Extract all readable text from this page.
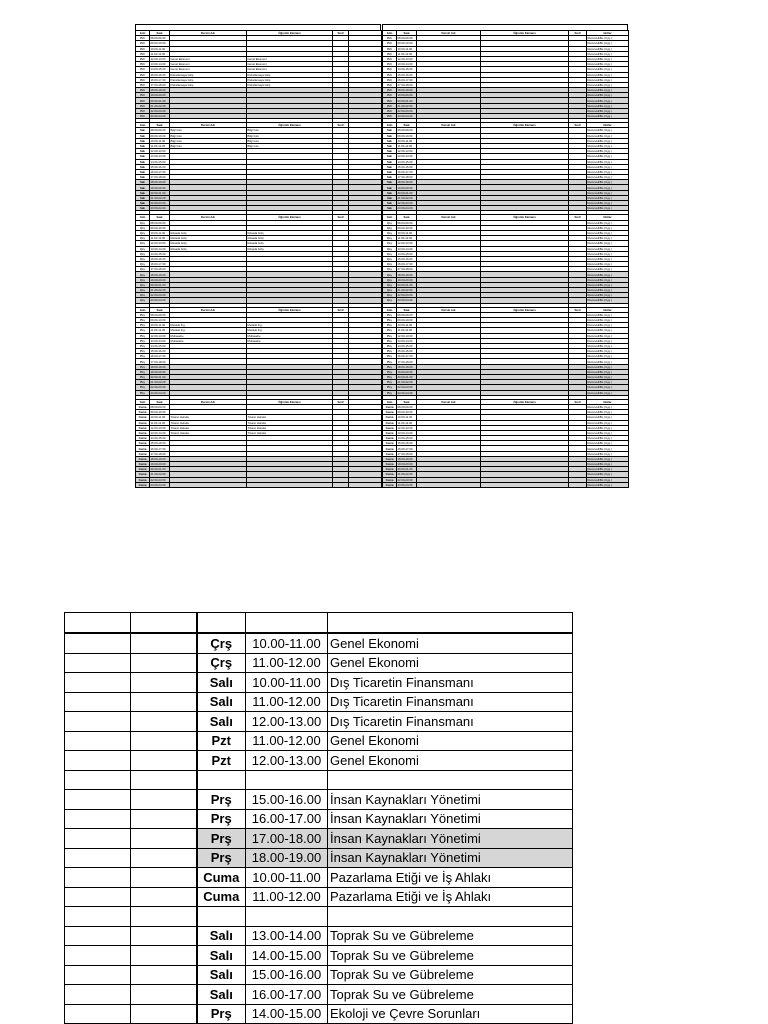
Gün	Saat	Dersin Adı	Öğretim Elemanı	Sınıf	
Pzt	08.00-09.00				
Pzt	09.00-10.00				
Pzt	10.00-11.00				
Pzt	11.00-12.00				
Pzt	12.00-13.00	Genel Ekonomi	Genel Ekonomi		
Pzt	13.00-14.00	Genel Ekonomi	Genel Ekonomi		
Pzt	14.00-15.00	Genel Ekonomi	Genel Ekonomi		
Pzt	15.00-16.00	Pazarlamaya Giriş	Pazarlamaya Giriş		
Pzt	16.00-17.00	Pazarlamaya Giriş	Pazarlamaya Giriş		
Pzt	17.00-18.00	Pazarlamaya Giriş	Pazarlamaya Giriş		
Pzt	18.00-19.00				
Pzt	19.00-20.00				
Pzt	20.00-21.00				
Pzt	21.00-22.00				
Pzt	22.00-23.00				
Pzt	23.00-24.00				

Gün	Saat	Dersin Adı	Öğretim Elemanı	Sınıf	
Salı	08.00-09.00	Bilgi Güv.	Bilgi Güv.		
Salı	09.00-10.00	Bilgi Güv.	Bilgi Güv.		
Salı	10.00-11.00	Bilgi Güv.	Bilgi Güv.		
Salı	11.00-12.00	Bilgi Güv.	Bilgi Güv.		
Salı	12.00-13.00				
Salı	13.00-14.00				
Salı	14.00-15.00				
Salı	15.00-16.00				
Salı	16.00-17.00				
Salı	17.00-18.00				
Salı	18.00-19.00				
Salı	19.00-20.00				
Salı	20.00-21.00				
Salı	21.00-22.00				
Salı	22.00-23.00				
Salı	23.00-24.00				

Gün	Saat	Dersin Adı	Öğretim Elemanı	Sınıf	
Çrş	08.00-09.00				
Çrş	09.00-10.00				
Çrş	10.00-11.00	İktisada Giriş	İktisada Giriş		
Çrş	11.00-12.00	İktisada Giriş	İktisada Giriş		
Çrş	12.00-13.00	İktisada Giriş	İktisada Giriş		
Çrş	13.00-14.00	İktisada Giriş	İktisada Giriş		
Çrş	14.00-15.00				
Çrş	15.00-16.00				
Çrş	16.00-17.00				
Çrş	17.00-18.00				
Çrş	18.00-19.00				
Çrş	19.00-20.00				
Çrş	20.00-21.00				
Çrş	21.00-22.00				
Çrş	22.00-23.00				
Çrş	23.00-24.00				

Gün	Saat	Dersin Adı	Öğretim Elemanı	Sınıf	
Prş	08.00-09.00				
Prş	09.00-10.00				
Prş	10.00-11.00	Mesleki İng.	Mesleki İng.		
Prş	11.00-12.00	Mesleki İng.	Mesleki İng.		
Prş	12.00-13.00	Muhasebe	Muhasebe		
Prş	13.00-14.00	Muhasebe	Muhasebe		
Prş	14.00-15.00				
Prş	15.00-16.00				
Prş	16.00-17.00				
Prş	17.00-18.00				
Prş	18.00-19.00				
Prş	19.00-20.00				
Prş	20.00-21.00				
Prş	21.00-22.00				
Prş	22.00-23.00				
Prş	23.00-24.00				

Gün	Saat	Dersin Adı	Öğretim Elemanı	Sınıf	
Cuma	08.00-09.00				
Cuma	09.00-10.00				
Cuma	10.00-11.00	Ticaret Hukuku	Ticaret Hukuku		
Cuma	11.00-12.00	Ticaret Hukuku	Ticaret Hukuku		
Cuma	12.00-13.00	Ticaret Hukuku	Ticaret Hukuku		
Cuma	13.00-14.00	Ticaret Hukuku	Ticaret Hukuku		
Cuma	14.00-15.00				
Cuma	15.00-16.00				
Cuma	16.00-17.00				
Cuma	17.00-18.00				
Cuma	18.00-19.00				
Cuma	19.00-20.00				
Cuma	20.00-21.00				
Cuma	21.00-22.00				
Cuma	22.00-23.00				
Cuma	23.00-24.00				
Gün	Saat	Dersin Adı	Öğretim Elemanı	Sınıf	Notlar
Pzt	08.00-09.00				Rezerveli/Bo (Uyg.)
Pzt	09.00-10.00				Rezerveli/Bo (Uyg.)
Pzt	10.00-11.00				Rezerveli/Bo (Uyg.)
Pzt	11.00-12.00				Rezerveli/Bo (Uyg.)
Pzt	12.00-13.00				Rezerveli/Bo (Uyg.)
Pzt	13.00-14.00				Rezerveli/Bo (Uyg.)
Pzt	14.00-15.00				Rezerveli/Bo (Uyg.)
Pzt	15.00-16.00				Rezerveli/Bo (Uyg.)
Pzt	16.00-17.00				Rezerveli/Bo (Uyg.)
Pzt	17.00-18.00				Rezerveli/Bo (Uyg.)
Pzt	18.00-19.00				Rezerveli/Bo (Uyg.)
Pzt	19.00-20.00				Rezerveli/Bo (Uyg.)
Pzt	20.00-21.00				Rezerveli/Bo (Uyg.)
Pzt	21.00-22.00				Rezerveli/Bo (Uyg.)
Pzt	22.00-23.00				Rezerveli/Bo (Uyg.)
Pzt	23.00-24.00				Rezerveli/Bo (Uyg.)

Gün	Saat	Dersin Adı	Öğretim Elemanı	Sınıf	Notlar
Salı	08.00-09.00				Rezerveli/Bo (Uyg.)
Salı	09.00-10.00				Rezerveli/Bo (Uyg.)
Salı	10.00-11.00				Rezerveli/Bo (Uyg.)
Salı	11.00-12.00				Rezerveli/Bo (Uyg.)
Salı	12.00-13.00				Rezerveli/Bo (Uyg.)
Salı	13.00-14.00				Rezerveli/Bo (Uyg.)
Salı	14.00-15.00				Rezerveli/Bo (Uyg.)
Salı	15.00-16.00				Rezerveli/Bo (Uyg.)
Salı	16.00-17.00				Rezerveli/Bo (Uyg.)
Salı	17.00-18.00				Rezerveli/Bo (Uyg.)
Salı	18.00-19.00				Rezerveli/Bo (Uyg.)
Salı	19.00-20.00				Rezerveli/Bo (Uyg.)
Salı	20.00-21.00				Rezerveli/Bo (Uyg.)
Salı	21.00-22.00				Rezerveli/Bo (Uyg.)
Salı	22.00-23.00				Rezerveli/Bo (Uyg.)
Salı	23.00-24.00				Rezerveli/Bo (Uyg.)

Gün	Saat	Dersin Adı	Öğretim Elemanı	Sınıf	Notlar
Çrş	08.00-09.00				Rezerveli/Bo (Uyg.)
Çrş	09.00-10.00				Rezerveli/Bo (Uyg.)
Çrş	10.00-11.00				Rezerveli/Bo (Uyg.)
Çrş	11.00-12.00				Rezerveli/Bo (Uyg.)
Çrş	12.00-13.00				Rezerveli/Bo (Uyg.)
Çrş	13.00-14.00				Rezerveli/Bo (Uyg.)
Çrş	14.00-15.00				Rezerveli/Bo (Uyg.)
Çrş	15.00-16.00				Rezerveli/Bo (Uyg.)
Çrş	16.00-17.00				Rezerveli/Bo (Uyg.)
Çrş	17.00-18.00				Rezerveli/Bo (Uyg.)
Çrş	18.00-19.00				Rezerveli/Bo (Uyg.)
Çrş	19.00-20.00				Rezerveli/Bo (Uyg.)
Çrş	20.00-21.00				Rezerveli/Bo (Uyg.)
Çrş	21.00-22.00				Rezerveli/Bo (Uyg.)
Çrş	22.00-23.00				Rezerveli/Bo (Uyg.)
Çrş	23.00-24.00				Rezerveli/Bo (Uyg.)

Gün	Saat	Dersin Adı	Öğretim Elemanı	Sınıf	Notlar
Prş	08.00-09.00				Rezerveli/Bo (Uyg.)
Prş	09.00-10.00				Rezerveli/Bo (Uyg.)
Prş	10.00-11.00				Rezerveli/Bo (Uyg.)
Prş	11.00-12.00				Rezerveli/Bo (Uyg.)
Prş	12.00-13.00				Rezerveli/Bo (Uyg.)
Prş	13.00-14.00				Rezerveli/Bo (Uyg.)
Prş	14.00-15.00				Rezerveli/Bo (Uyg.)
Prş	15.00-16.00				Rezerveli/Bo (Uyg.)
Prş	16.00-17.00				Rezerveli/Bo (Uyg.)
Prş	17.00-18.00				Rezerveli/Bo (Uyg.)
Prş	18.00-19.00				Rezerveli/Bo (Uyg.)
Prş	19.00-20.00				Rezerveli/Bo (Uyg.)
Prş	20.00-21.00				Rezerveli/Bo (Uyg.)
Prş	21.00-22.00				Rezerveli/Bo (Uyg.)
Prş	22.00-23.00				Rezerveli/Bo (Uyg.)
Prş	23.00-24.00				Rezerveli/Bo (Uyg.)

Gün	Saat	Dersin Adı	Öğretim Elemanı	Sınıf	Notlar
Cuma	08.00-09.00				Rezerveli/Bo (Uyg.)
Cuma	09.00-10.00				Rezerveli/Bo (Uyg.)
Cuma	10.00-11.00				Rezerveli/Bo (Uyg.)
Cuma	11.00-12.00				Rezerveli/Bo (Uyg.)
Cuma	12.00-13.00				Rezerveli/Bo (Uyg.)
Cuma	13.00-14.00				Rezerveli/Bo (Uyg.)
Cuma	14.00-15.00				Rezerveli/Bo (Uyg.)
Cuma	15.00-16.00				Rezerveli/Bo (Uyg.)
Cuma	16.00-17.00				Rezerveli/Bo (Uyg.)
Cuma	17.00-18.00				Rezerveli/Bo (Uyg.)
Cuma	18.00-19.00				Rezerveli/Bo (Uyg.)
Cuma	19.00-20.00				Rezerveli/Bo (Uyg.)
Cuma	20.00-21.00				Rezerveli/Bo (Uyg.)
Cuma	21.00-22.00				Rezerveli/Bo (Uyg.)
Cuma	22.00-23.00				Rezerveli/Bo (Uyg.)
Cuma	23.00-24.00				Rezerveli/Bo (Uyg.)

		Çrş	10.00-11.00	Genel Ekonomi
		Çrş	11.00-12.00	Genel Ekonomi
		Salı	10.00-11.00	Dış Ticaretin Finansmanı
		Salı	11.00-12.00	Dış Ticaretin Finansmanı
		Salı	12.00-13.00	Dış Ticaretin Finansmanı
		Pzt	11.00-12.00	Genel Ekonomi
		Pzt	12.00-13.00	Genel Ekonomi

		Prş	15.00-16.00	İnsan Kaynakları Yönetimi
		Prş	16.00-17.00	İnsan Kaynakları Yönetimi
		Prş	17.00-18.00	İnsan Kaynakları Yönetimi
		Prş	18.00-19.00	İnsan Kaynakları Yönetimi
		Cuma	10.00-11.00	Pazarlama Etiği ve İş Ahlakı
		Cuma	11.00-12.00	Pazarlama Etiği ve İş Ahlakı

		Salı	13.00-14.00	Toprak Su ve Gübreleme
		Salı	14.00-15.00	Toprak Su ve Gübreleme
		Salı	15.00-16.00	Toprak Su ve Gübreleme
		Salı	16.00-17.00	Toprak Su ve Gübreleme
		Prş	14.00-15.00	Ekoloji ve Çevre Sorunları
